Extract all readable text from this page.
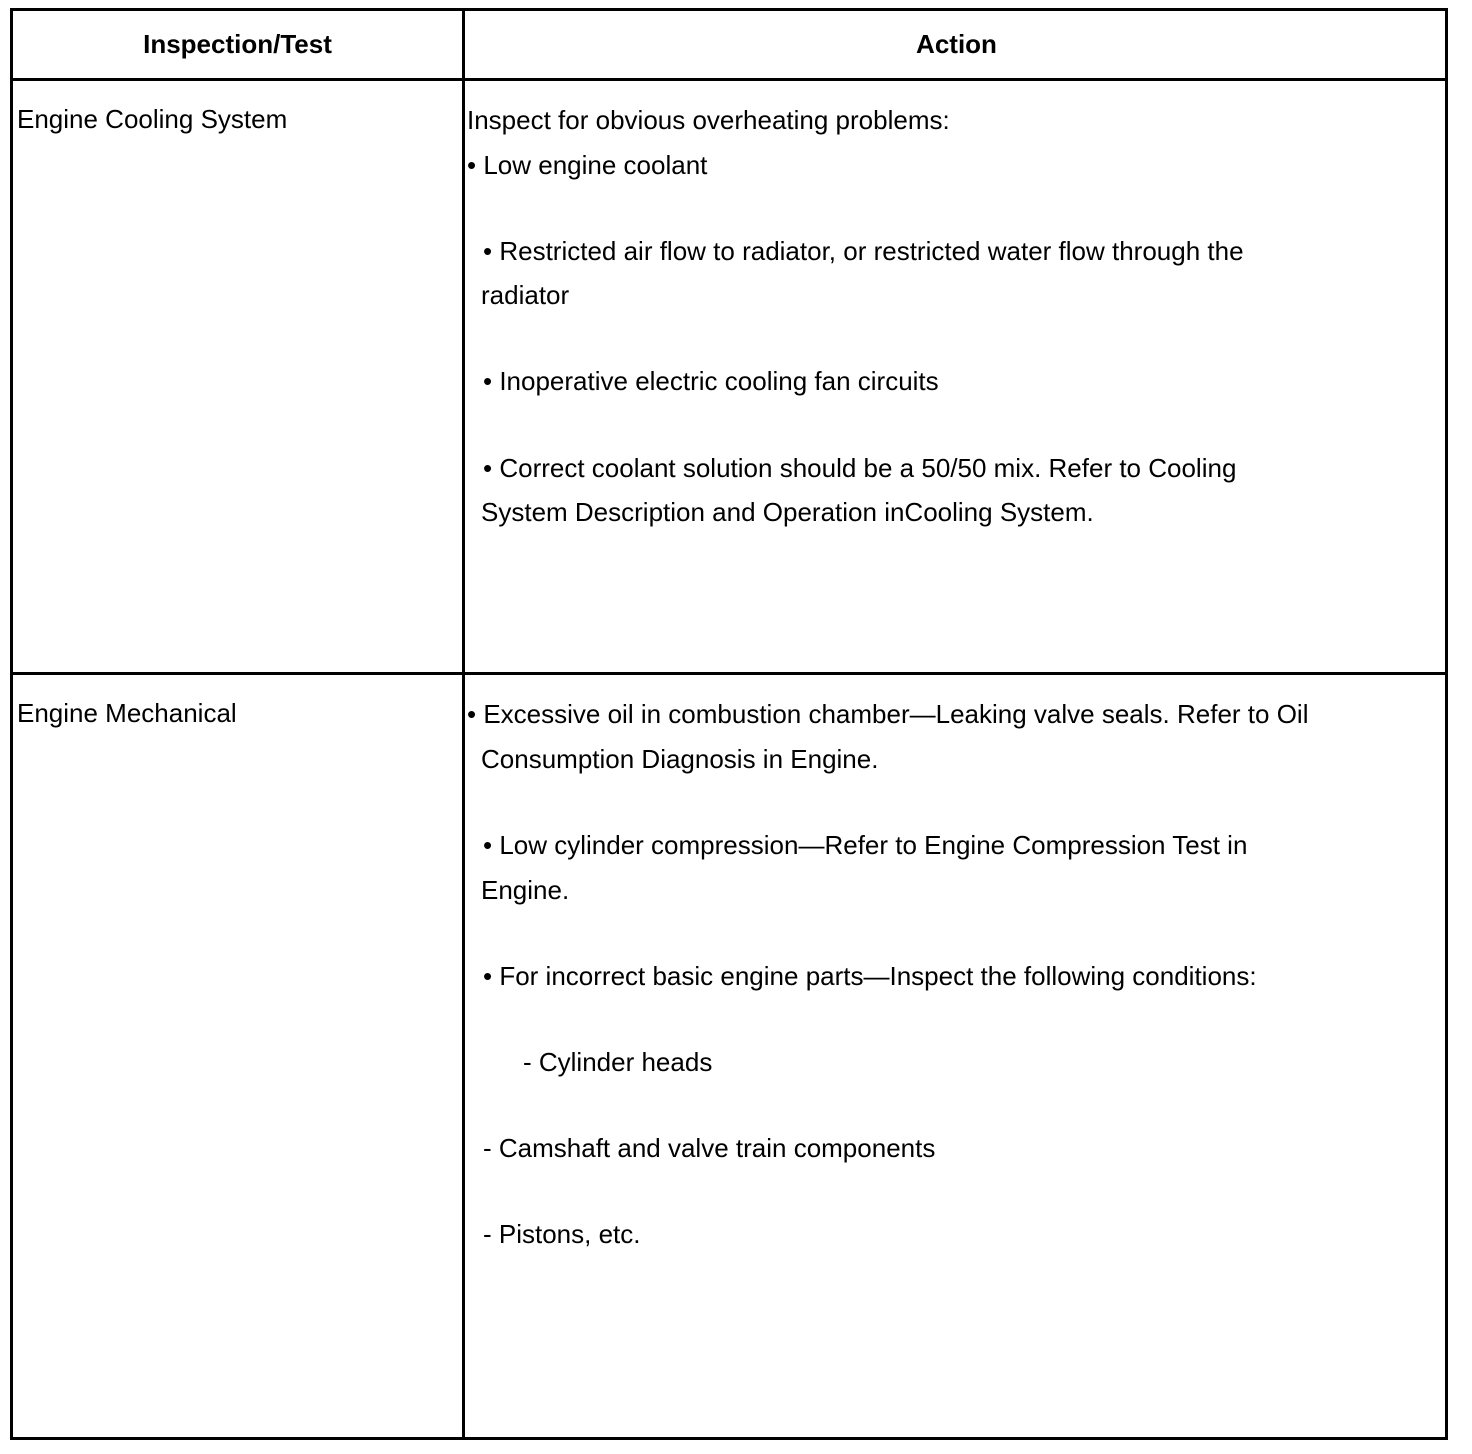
Inspection/Test	Action
Engine Cooling System	Inspect for obvious overheating problems:
• Low engine coolant
• Restricted air flow to radiator, or restricted water flow through the
radiator
• Inoperative electric cooling fan circuits
• Correct coolant solution should be a 50/50 mix. Refer to Cooling
System Description and Operation inCooling System.
Engine Mechanical	• Excessive oil in combustion chamber—Leaking valve seals. Refer to Oil
Consumption Diagnosis in Engine.
• Low cylinder compression—Refer to Engine Compression Test in
Engine.
• For incorrect basic engine parts—Inspect the following conditions:
- Cylinder heads
- Camshaft and valve train components
- Pistons, etc.
